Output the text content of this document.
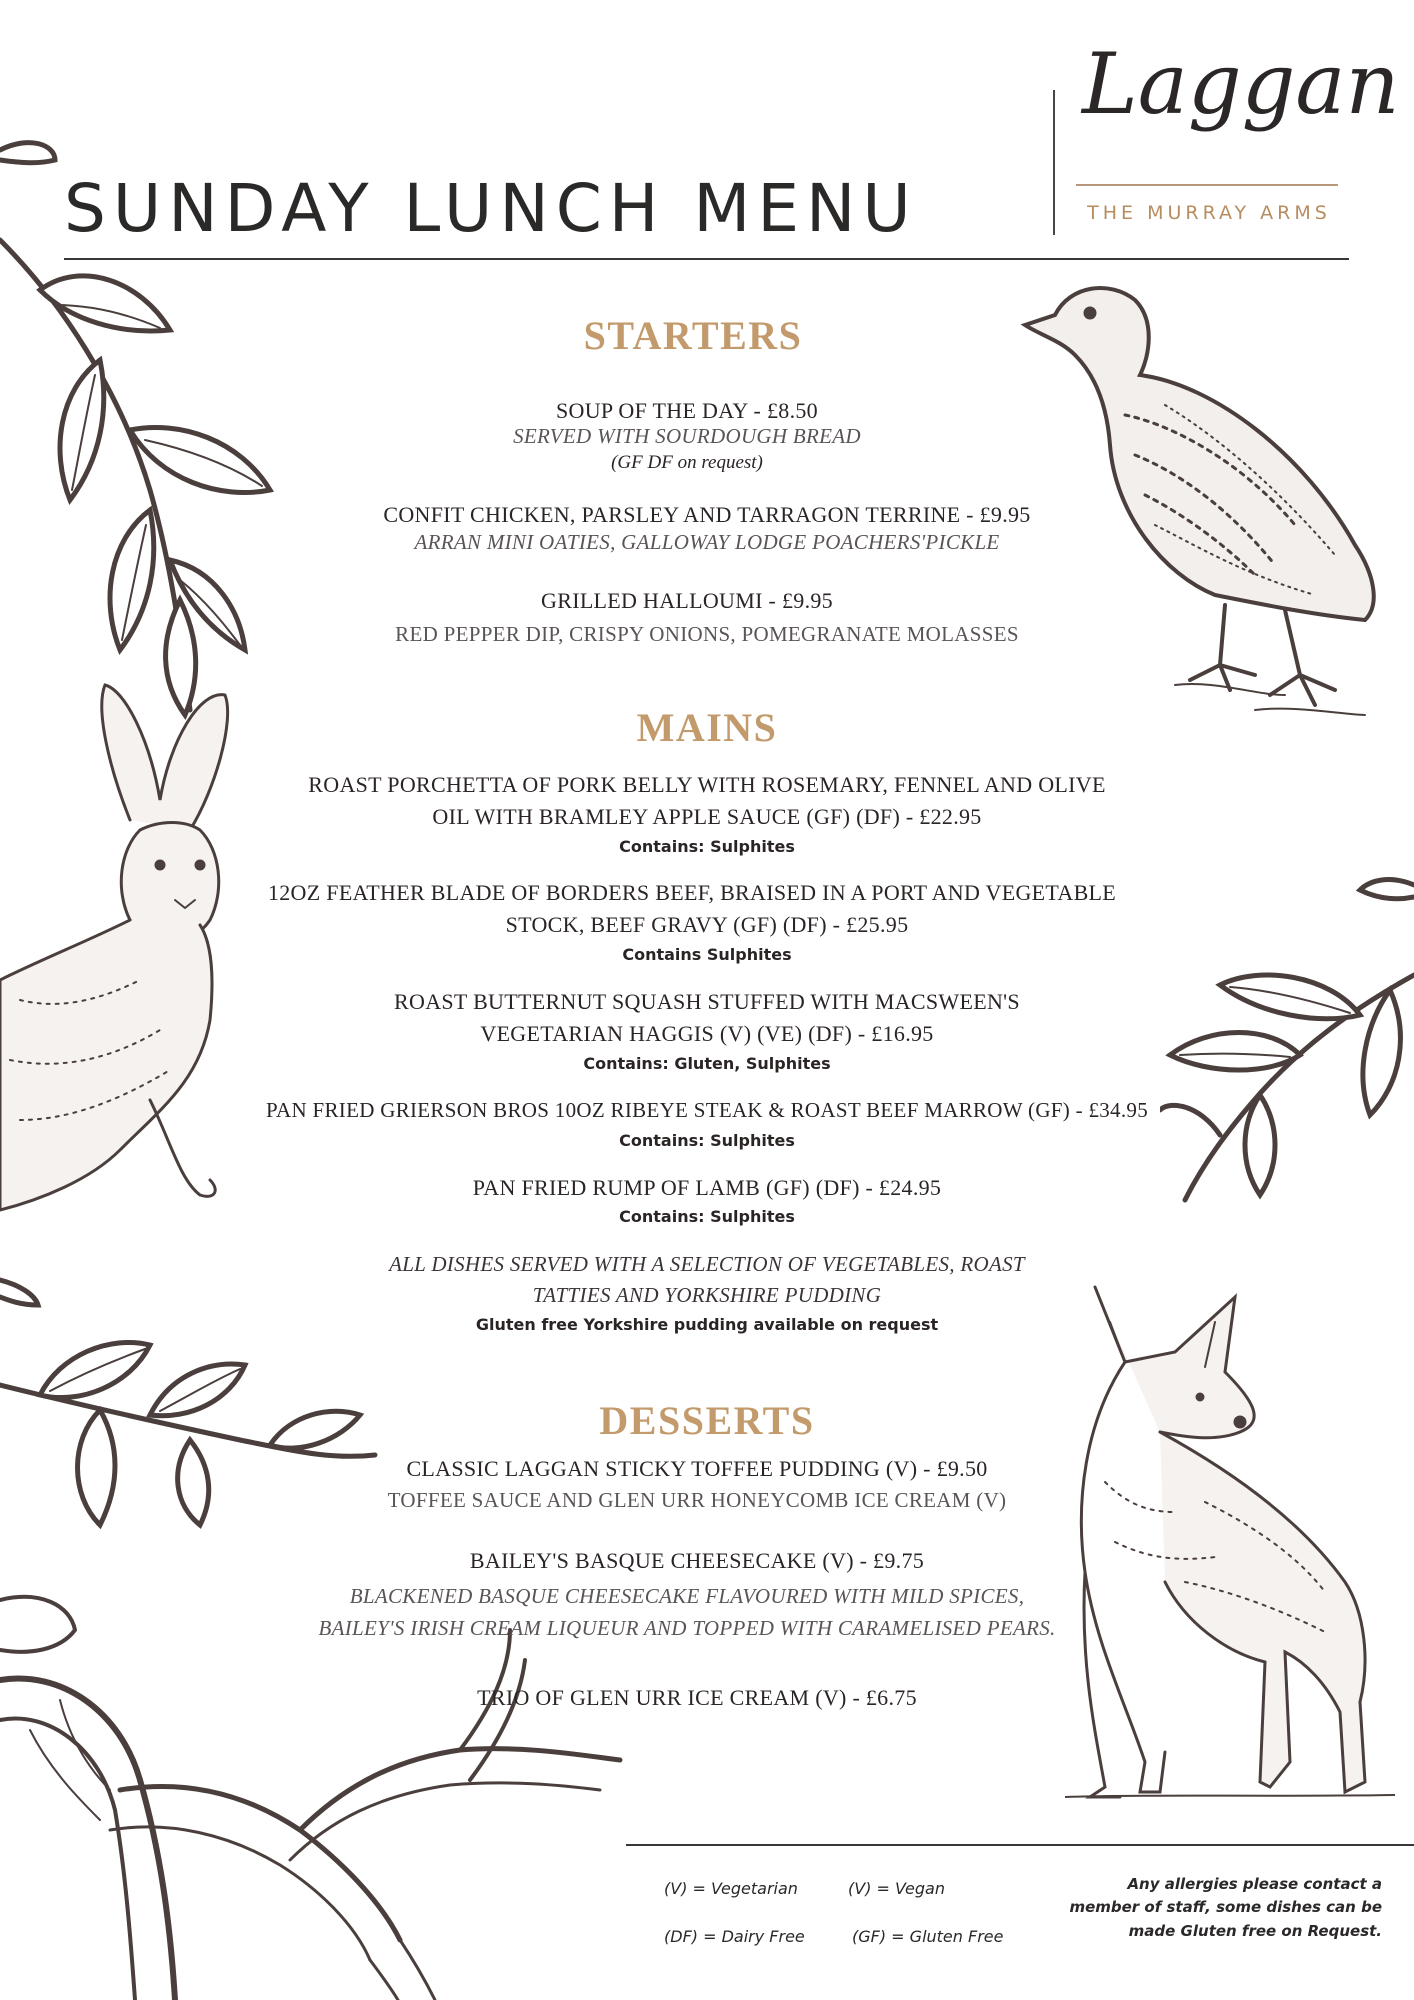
SUNDAY LUNCH MENU
Laggan
THE MURRAY ARMS
STARTERS
SOUP OF THE DAY - £8.50
SERVED WITH SOURDOUGH BREAD
(GF DF on request)
CONFIT CHICKEN, PARSLEY AND TARRAGON TERRINE - £9.95
ARRAN MINI OATIES, GALLOWAY LODGE POACHERS'PICKLE
GRILLED HALLOUMI - £9.95
RED PEPPER DIP, CRISPY ONIONS, POMEGRANATE MOLASSES
MAINS
ROAST PORCHETTA OF PORK BELLY WITH ROSEMARY, FENNEL AND OLIVE
OIL WITH BRAMLEY APPLE SAUCE (GF) (DF) - £22.95
Contains: Sulphites
12OZ FEATHER BLADE OF BORDERS BEEF, BRAISED IN A PORT AND VEGETABLE
STOCK, BEEF GRAVY (GF) (DF) - £25.95
Contains Sulphites
ROAST BUTTERNUT SQUASH STUFFED WITH MACSWEEN'S
VEGETARIAN HAGGIS (V) (VE) (DF) - £16.95
Contains: Gluten, Sulphites
PAN FRIED GRIERSON BROS 10OZ RIBEYE STEAK & ROAST BEEF MARROW (GF) - £34.95
Contains: Sulphites
PAN FRIED RUMP OF LAMB (GF) (DF) - £24.95
Contains: Sulphites
ALL DISHES SERVED WITH A SELECTION OF VEGETABLES, ROAST
TATTIES AND YORKSHIRE PUDDING
Gluten free Yorkshire pudding available on request
DESSERTS
CLASSIC LAGGAN STICKY TOFFEE PUDDING (V) - £9.50
TOFFEE SAUCE AND GLEN URR HONEYCOMB ICE CREAM (V)
BAILEY'S BASQUE CHEESECAKE (V) - £9.75
BLACKENED BASQUE CHEESECAKE FLAVOURED WITH MILD SPICES,
BAILEY'S IRISH CREAM LIQUEUR AND TOPPED WITH CARAMELISED PEARS.
TRIO OF GLEN URR ICE CREAM (V) - £6.75
(V) = Vegetarian	(V) = Vegan
(DF) = Dairy Free	(GF) = Gluten Free
Any allergies please contact a
member of staff, some dishes can be
made Gluten free on Request.
